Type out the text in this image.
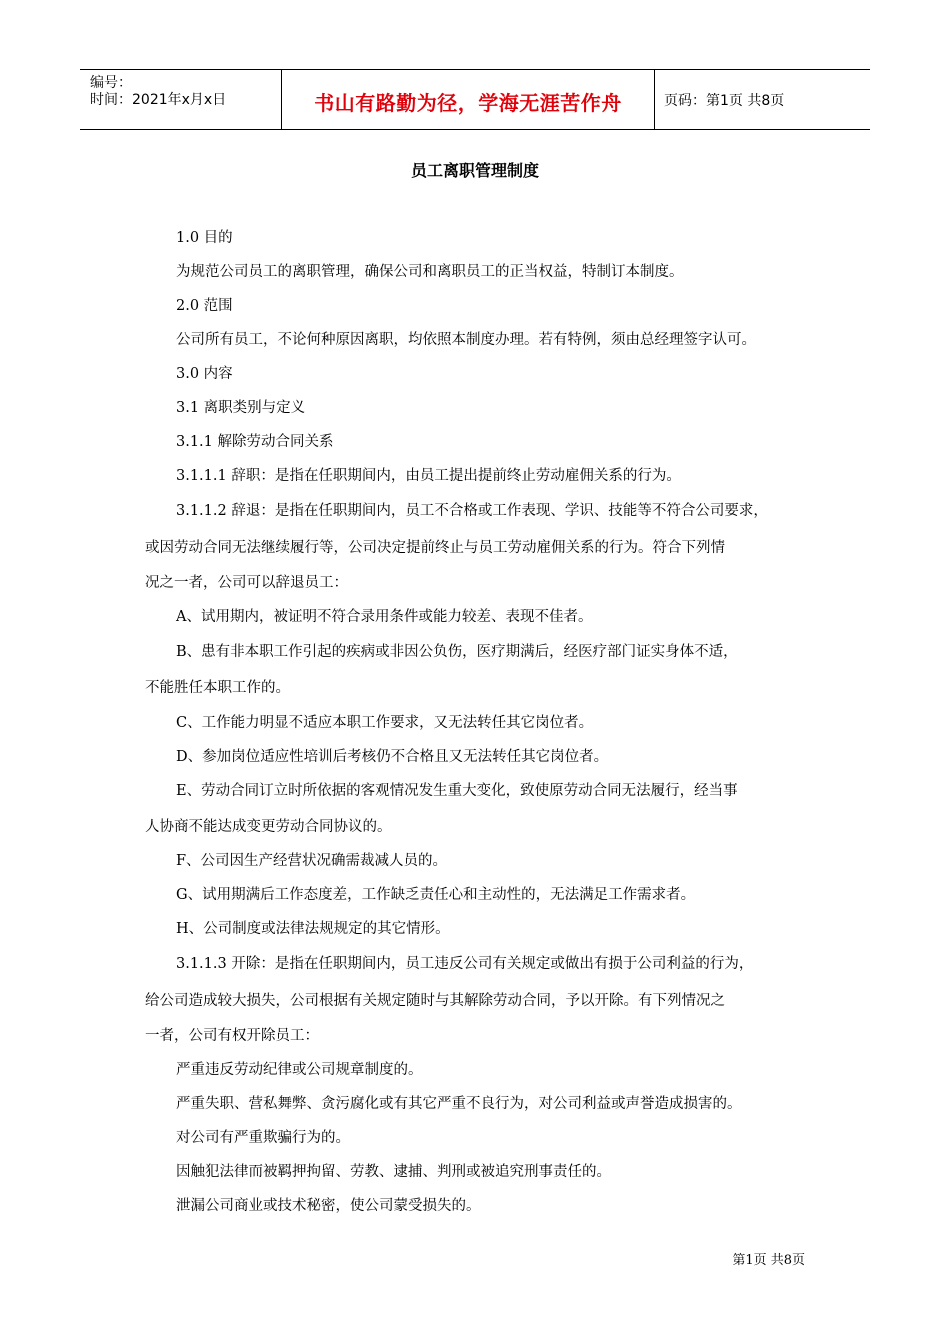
编号：
时间：2021年x月x日	书山有路勤为径，学海无涯苦作舟	页码：第1页 共8页
员工离职管理制度
1.0 目的
为规范公司员工的离职管理，确保公司和离职员工的正当权益，特制订本制度。
2.0 范围
公司所有员工，不论何种原因离职，均依照本制度办理。若有特例，须由总经理签字认可。
3.0 内容
3.1 离职类别与定义
3.1.1 解除劳动合同关系
3.1.1.1 辞职：是指在任职期间内，由员工提出提前终止劳动雇佣关系的行为。
3.1.1.2 辞退：是指在任职期间内，员工不合格或工作表现、学识、技能等不符合公司要求，
或因劳动合同无法继续履行等，公司决定提前终止与员工劳动雇佣关系的行为。符合下列情
况之一者，公司可以辞退员工：
A、试用期内，被证明不符合录用条件或能力较差、表现不佳者。
B、患有非本职工作引起的疾病或非因公负伤，医疗期满后，经医疗部门证实身体不适，
不能胜任本职工作的。
C、工作能力明显不适应本职工作要求，又无法转任其它岗位者。
D、参加岗位适应性培训后考核仍不合格且又无法转任其它岗位者。
E、劳动合同订立时所依据的客观情况发生重大变化，致使原劳动合同无法履行，经当事
人协商不能达成变更劳动合同协议的。
F、公司因生产经营状况确需裁减人员的。
G、试用期满后工作态度差，工作缺乏责任心和主动性的，无法满足工作需求者。
H、公司制度或法律法规规定的其它情形。
3.1.1.3 开除：是指在任职期间内，员工违反公司有关规定或做出有损于公司利益的行为，
给公司造成较大损失，公司根据有关规定随时与其解除劳动合同，予以开除。有下列情况之
一者，公司有权开除员工：
严重违反劳动纪律或公司规章制度的。
严重失职、营私舞弊、贪污腐化或有其它严重不良行为，对公司利益或声誉造成损害的。
对公司有严重欺骗行为的。
因触犯法律而被羁押拘留、劳教、逮捕、判刑或被追究刑事责任的。
泄漏公司商业或技术秘密，使公司蒙受损失的。
第1页 共8页
